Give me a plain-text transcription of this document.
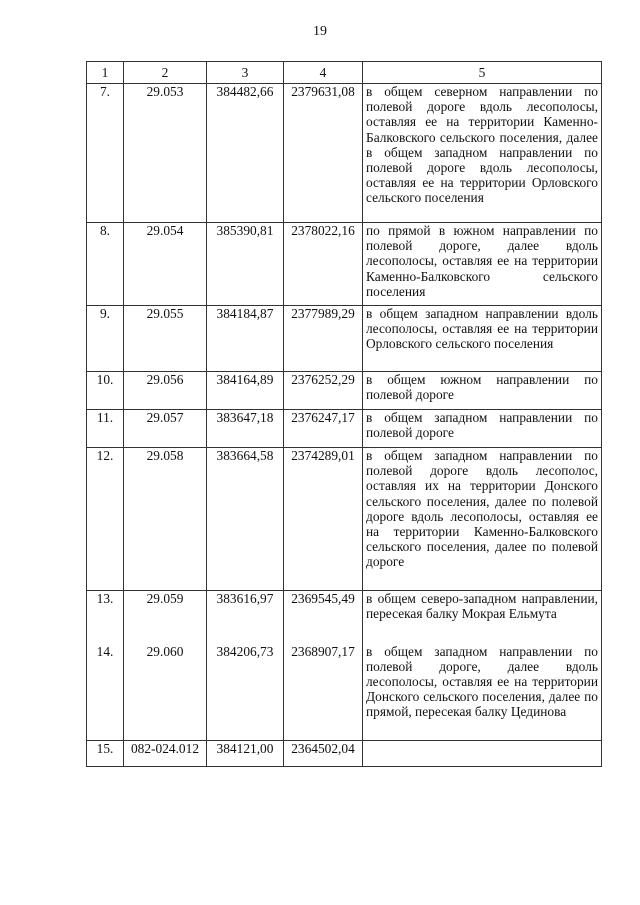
19
1	2	3	4	5
7.	29.053	384482,66	2379631,08	в общем северном направлении по полевой дороге вдоль лесополосы, оставляя ее на территории Каменно-Балковского сельского поселения, далее в общем западном направлении по полевой дороге вдоль лесополосы, оставляя ее на территории Орловского сельского поселения
8.	29.054	385390,81	2378022,16	по прямой в южном направлении по полевой дороге, далее вдоль лесополосы, оставляя ее на территории Каменно-Балковского сельского поселения
9.	29.055	384184,87	2377989,29	в общем западном направлении вдоль лесополосы, оставляя ее на территории Орловского сельского поселения
10.	29.056	384164,89	2376252,29	в общем южном направлении по полевой дороге
11.	29.057	383647,18	2376247,17	в общем западном направлении по полевой дороге
12.	29.058	383664,58	2374289,01	в общем западном направлении по полевой дороге вдоль лесополос, оставляя их на территории Донского сельского поселения, далее по полевой дороге вдоль лесополосы, оставляя ее на территории Каменно-Балковского сельского поселения, далее по полевой дороге
13.	29.059	383616,97	2369545,49	в общем северо-западном направлении, пересекая балку Мокрая Ельмута
14.	29.060	384206,73	2368907,17	в общем западном направлении по полевой дороге, далее вдоль лесополосы, оставляя ее на территории Донского сельского поселения, далее по прямой, пересекая балку Цединова
15.	082-024.012	384121,00	2364502,04	
